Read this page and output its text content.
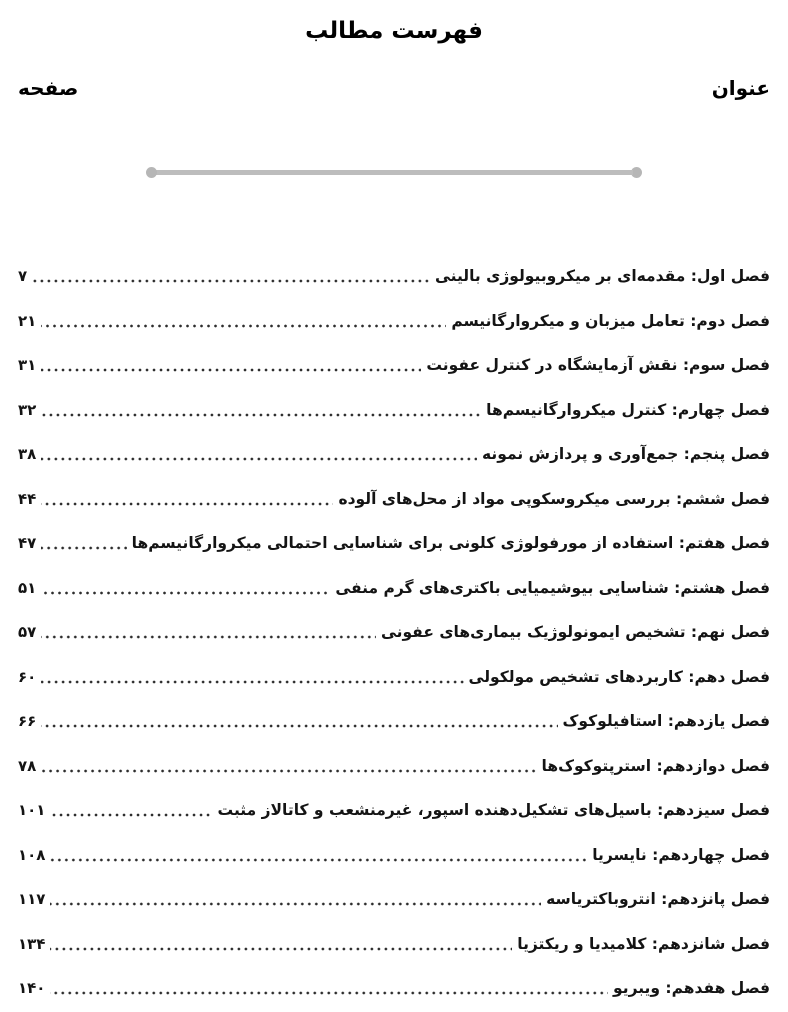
فهرست مطالب
عنوان
صفحه
فصل اول: مقدمه‌ای بر میکروبیولوژی بالینی
۷
فصل دوم: تعامل میزبان و میکروارگانیسم
۲۱
فصل سوم: نقش آزمایشگاه در کنترل عفونت
۳۱
فصل چهارم: کنترل میکروارگانیسم‌ها
۳۲
فصل پنجم: جمع‌آوری و پردازش نمونه
۳۸
فصل ششم: بررسی میکروسکوپی مواد از محل‌های آلوده
۴۴
فصل هفتم: استفاده از مورفولوژی کلونی برای شناسایی احتمالی میکروارگانیسم‌ها
۴۷
فصل هشتم: شناسایی بیوشیمیایی باکتری‌های گرم منفی
۵۱
فصل نهم: تشخیص ایمونولوژیک بیماری‌های عفونی
۵۷
فصل دهم: کاربردهای تشخیص مولکولی
۶۰
فصل یازدهم: استافیلوکوک
۶۶
فصل دوازدهم: استرپتوکوک‌ها
۷۸
فصل سیزدهم: باسیل‌های تشکیل‌دهنده اسپور، غیرمنشعب و کاتالاز مثبت
۱۰۱
فصل چهاردهم: نایسریا
۱۰۸
فصل پانزدهم: انتروباکتریاسه
۱۱۷
فصل شانزدهم: کلامیدیا و ریکتزیا
۱۳۴
فصل هفدهم: ویبریو
۱۴۰
